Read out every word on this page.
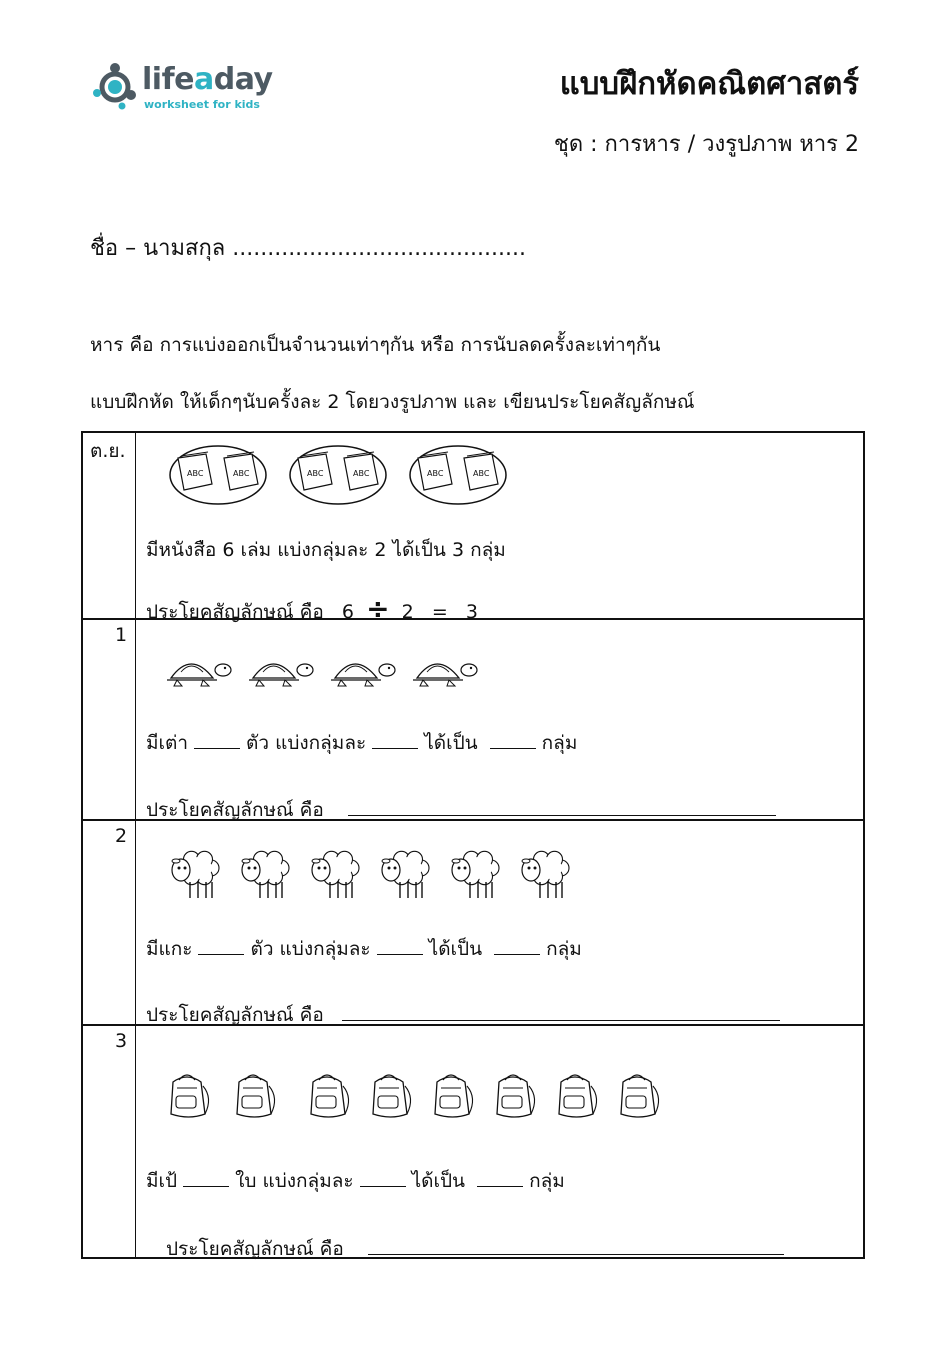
lifeaday
worksheet for kids
แบบฝึกหัดคณิตศาสตร์
ชุด : การหาร / วงรูปภาพ หาร 2
ชื่อ – นามสกุล ..........................................
หาร คือ การแบ่งออกเป็นจำนวนเท่าๆกัน หรือ การนับลดครั้งละเท่าๆกัน
แบบฝึกหัด ให้เด็กๆนับครั้งละ 2 โดยวงรูปภาพ และ เขียนประโยคสัญลักษณ์
ต.ย.
ABC	ABC	ABC	ABC	ABC	ABC
มีหนังสือ 6 เล่ม แบ่งกลุ่มละ 2 ได้เป็น 3 กลุ่ม
ประโยคสัญลักษณ์ คือ 6 ÷ 2 = 3
1
มีเต่า	ตัว แบ่งกลุ่มละ	ได้เป็น	กลุ่ม
ประโยคสัญลักษณ์ คือ
2
มีแกะ	ตัว แบ่งกลุ่มละ	ได้เป็น	กลุ่ม
ประโยคสัญลักษณ์ คือ
3
มีเป้	ใบ แบ่งกลุ่มละ	ได้เป็น	กลุ่ม
ประโยคสัญลักษณ์ คือ
